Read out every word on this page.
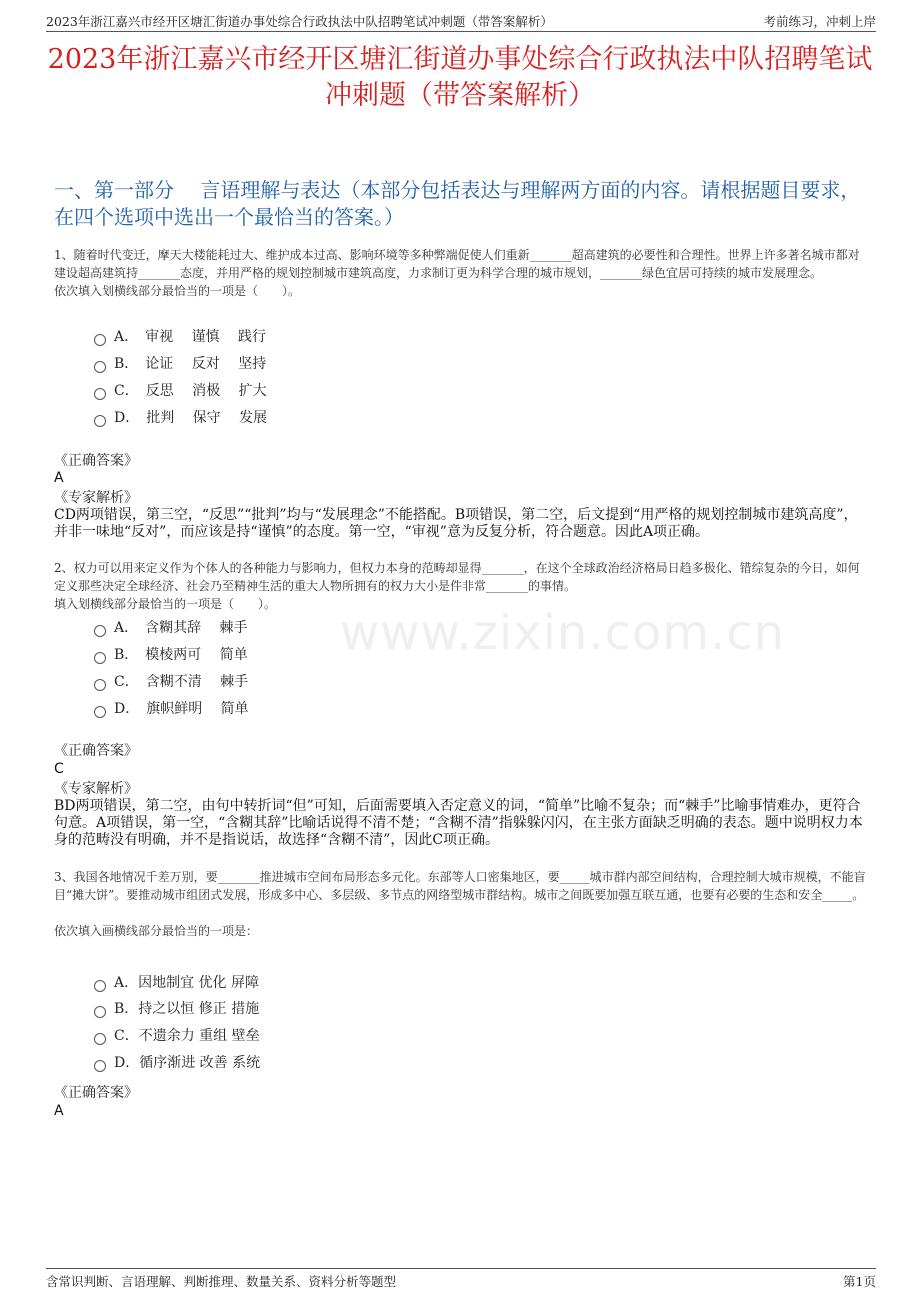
2023年浙江嘉兴市经开区塘汇街道办事处综合行政执法中队招聘笔试冲刺题（带答案解析）	考前练习，冲刺上岸
2023年浙江嘉兴市经开区塘汇街道办事处综合行政执法中队招聘笔试冲刺题（带答案解析）
一、第一部分　 言语理解与表达（本部分包括表达与理解两方面的内容。请根据题目要求，在四个选项中选出一个最恰当的答案。）
www.zixin.com.cn

1、随着时代变迁，摩天大楼能耗过大、维护成本过高、影响环境等多种弊端促使人们重新_______超高建筑的必要性和合理性。世界上许多著名城市都对建设超高建筑持_______态度，并用严格的规划控制城市建筑高度，力求制订更为科学合理的城市规划，_______绿色宜居可持续的城市发展理念。

依次填入划横线部分最恰当的一项是（　　）。

A．　审视　 谨慎　 践行
B．　论证　 反对　 坚持
C．　反思　 消极　 扩大
D．　批判　 保守　 发展
《正确答案》
A
《专家解析》
CD两项错误，第三空，“反思”“批判”均与“发展理念”不能搭配。B项错误，第二空，后文提到“用严格的规划控制城市建筑高度”，并非一味地“反对”，而应该是持“谨慎”的态度。第一空，“审视”意为反复分析，符合题意。因此A项正确。

2、权力可以用来定义作为个体人的各种能力与影响力，但权力本身的范畴却显得_______，在这个全球政治经济格局日趋多极化、错综复杂的今日，如何定义那些决定全球经济、社会乃至精神生活的重大人物所拥有的权力大小是件非常_______的事情。

填入划横线部分最恰当的一项是（　　）。

A．　含糊其辞　 棘手
B．　模棱两可　 简单
C．　含糊不清　 棘手
D．　旗帜鲜明　 简单
《正确答案》
C
《专家解析》
BD两项错误，第二空，由句中转折词“但”可知，后面需要填入否定意义的词，“简单”比喻不复杂；而“棘手”比喻事情难办，更符合句意。A项错误，第一空，“含糊其辞”比喻话说得不清不楚；“含糊不清”指躲躲闪闪，在主张方面缺乏明确的表态。题中说明权力本身的范畴没有明确，并不是指说话，故选择“含糊不清”，因此C项正确。

3、我国各地情况千差万别，要_______推进城市空间布局形态多元化。东部等人口密集地区，要_____城市群内部空间结构，合理控制大城市规模，不能盲目“摊大饼”。要推动城市组团式发展，形成多中心、多层级、多节点的网络型城市群结构。城市之间既要加强互联互通，也要有必要的生态和安全_____。

依次填入画横线部分最恰当的一项是：

A．因地制宜 优化 屏障
B．持之以恒 修正 措施
C．不遗余力 重组 壁垒
D．循序渐进 改善 系统
《正确答案》
A
含常识判断、言语理解、判断推理、数量关系、资料分析等题型	第1页
